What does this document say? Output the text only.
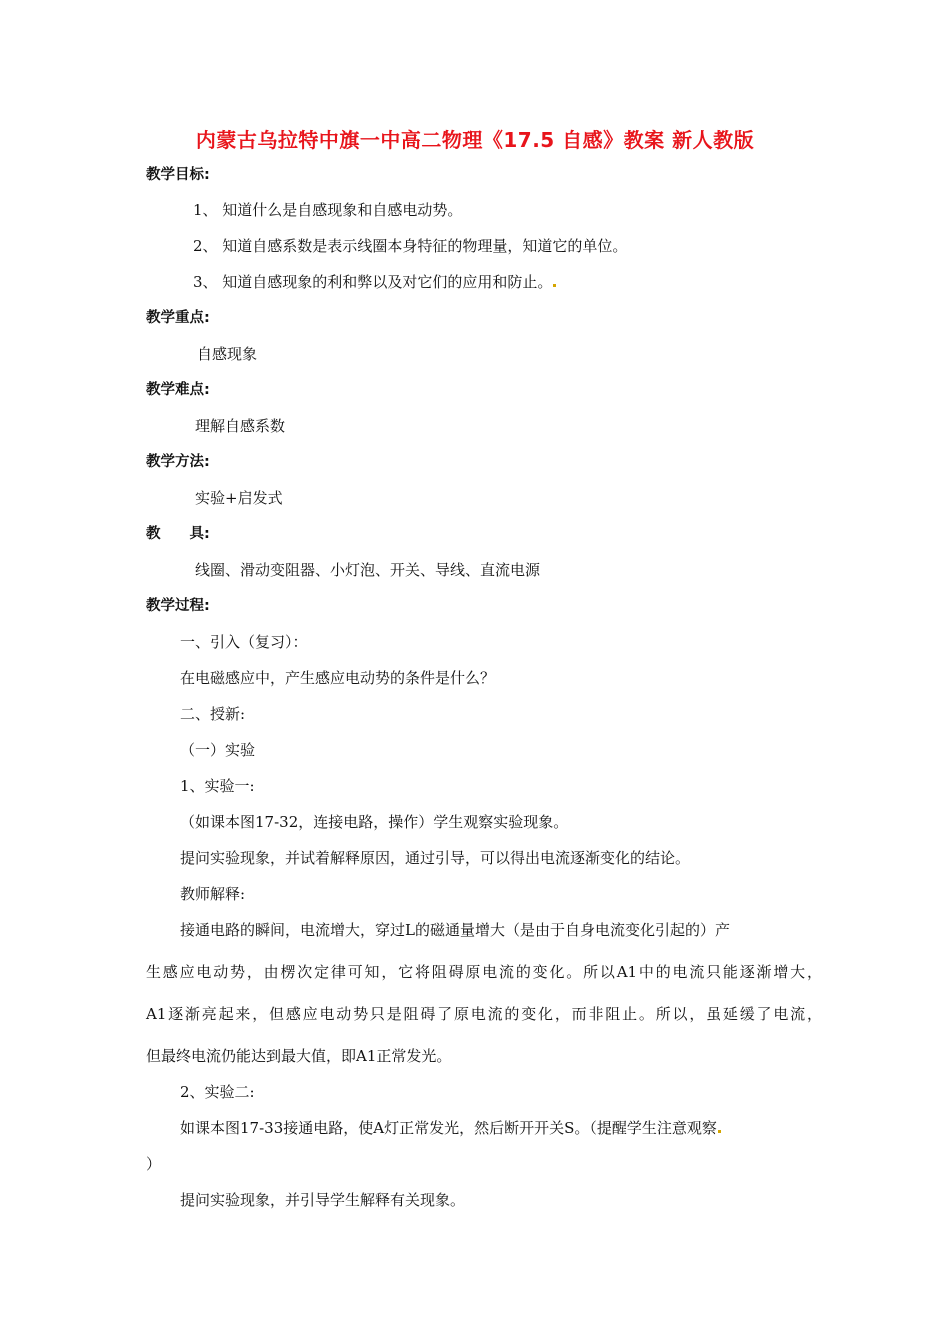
内蒙古乌拉特中旗一中高二物理《17.5 自感》教案 新人教版
教学目标:
1、 知道什么是自感现象和自感电动势。
2、 知道自感系数是表示线圈本身特征的物理量，知道它的单位。
3、 知道自感现象的利和弊以及对它们的应用和防止。
教学重点:
自感现象
教学难点:
理解自感系数
教学方法:
实验+启发式
教　　具:
线圈、滑动变阻器、小灯泡、开关、导线、直流电源
教学过程:
一、引入（复习）：
在电磁感应中，产生感应电动势的条件是什么？
二、授新:
（一）实验
1、实验一:
（如课本图17-32，连接电路，操作）学生观察实验现象。
提问实验现象，并试着解释原因，通过引导，可以得出电流逐渐变化的结论。
教师解释:
接通电路的瞬间，电流增大，穿过L的磁通量增大（是由于自身电流变化引起的）产
生感应电动势，由楞次定律可知，它将阻碍原电流的变化。所以A1中的电流只能逐渐增大，
A1逐渐亮起来，但感应电动势只是阻碍了原电流的变化，而非阻止。所以，虽延缓了电流，
但最终电流仍能达到最大值，即A1正常发光。
2、实验二:
如课本图17-33接通电路，使A灯正常发光，然后断开开关S。（提醒学生注意观察
）
提问实验现象，并引导学生解释有关现象。
